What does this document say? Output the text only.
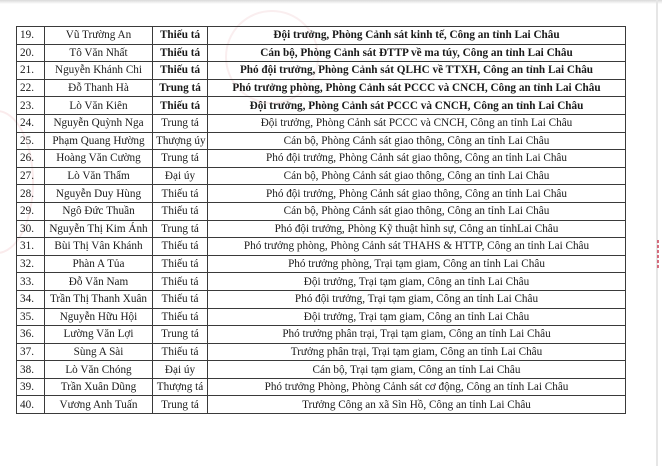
19.	Vũ Trường An	Thiếu tá	Đội trưởng, Phòng Cảnh sát kinh tế, Công an tỉnh Lai Châu
20.	Tô Văn Nhất	Thiếu tá	Cán bộ, Phòng Cảnh sát ĐTTP về ma túy, Công an tỉnh Lai Châu
21.	Nguyễn Khánh Chi	Thiếu tá	Phó đội trưởng, Phòng Cảnh sát QLHC về TTXH, Công an tỉnh Lai Châu
22.	Đỗ Thanh Hà	Trung tá	Phó trưởng phòng, Phòng Cảnh sát PCCC và CNCH, Công an tỉnh Lai Châu
23.	Lò Văn Kiên	Thiếu tá	Đội trưởng, Phòng Cảnh sát PCCC và CNCH, Công an tỉnh Lai Châu
24.	Nguyễn Quỳnh Nga	Trung tá	Đội trưởng, Phòng Cảnh sát PCCC và CNCH, Công an tỉnh Lai Châu
25.	Phạm Quang Hường	Thượng úy	Cán bộ, Phòng Cảnh sát giao thông, Công an tỉnh Lai Châu
26.	Hoàng Văn Cường	Trung tá	Phó đội trưởng, Phòng Cảnh sát giao thông, Công an tỉnh Lai Châu
27.	Lò Văn Thẩm	Đại úy	Cán bộ, Phòng Cảnh sát giao thông, Công an tỉnh Lai Châu
28.	Nguyễn Duy Hùng	Thiếu tá	Phó đội trưởng, Phòng Cảnh sát giao thông, Công an tỉnh Lai Châu
29.	Ngô Đức Thuần	Thiếu tá	Cán bộ, Phòng Cảnh sát giao thông, Công an tỉnh Lai Châu
30.	Nguyễn Thị Kim Ánh	Trung tá	Phó đội trưởng, Phòng Kỹ thuật hình sự, Công an tỉnhLai Châu
31.	Bùi Thị Vân Khánh	Thiếu tá	Phó trưởng phòng, Phòng Cảnh sát THAHS & HTTP, Công an tỉnh Lai Châu
32.	Phàn A Tủa	Thiếu tá	Phó trưởng phòng, Trại tạm giam, Công an tỉnh Lai Châu
33.	Đỗ Văn Nam	Thiếu tá	Đội trưởng, Trại tạm giam, Công an tỉnh Lai Châu
34.	Trần Thị Thanh Xuân	Thiếu tá	Phó đội trưởng, Trại tạm giam, Công an tỉnh Lai Châu
35.	Nguyễn Hữu Hội	Thiếu tá	Đội trưởng, Trại tạm giam, Công an tỉnh Lai Châu
36.	Lường Văn Lợi	Trung tá	Phó trưởng phân trại, Trại tạm giam, Công an tỉnh Lai Châu
37.	Sùng A Sài	Thiếu tá	Trưởng phân trại, Trại tạm giam, Công an tỉnh Lai Châu
38.	Lò Văn Chóng	Đại úy	Cán bộ, Trại tạm giam, Công an tỉnh Lai Châu
39.	Trần Xuân Dũng	Thượng tá	Phó trưởng Phòng, Phòng Cảnh sát cơ động, Công an tỉnh Lai Châu
40.	Vương Anh Tuấn	Trung tá	Trưởng Công an xã Sìn Hồ, Công an tỉnh Lai Châu
